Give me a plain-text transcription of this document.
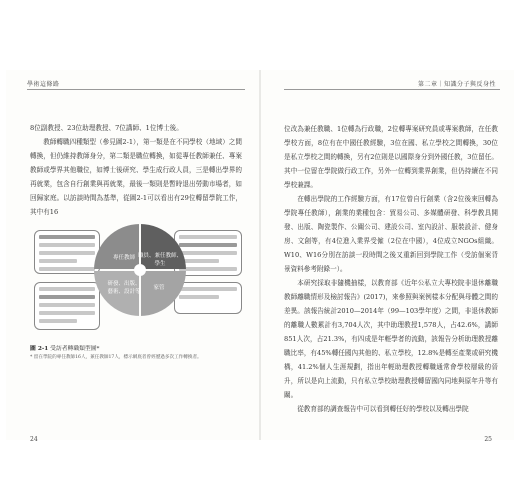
學術這條路	第二章｜知識分子與反身性

8位副教授、23位助理教授、7位講師、1位博士後。

教師轉職四種類型（參見圖2-1），第一類是在不同學校（地域）之間轉換，但仍維持教師身分，第二類是職位轉換，如從專任教師兼任、專案教師或學界其他職位，如博士後研究、學生成行政人員，三是轉出學界的再就業，包含自行創業與再就業，最後一類則是暫時退出勞動市場者，如回歸家庭。以訪談時間為基準，從圖2-1可以看出有29位轉留學院工作，其中有16

專任教師 職員、兼任教師、學生
研發、出版、藝術、設計等
家管
圖 2-1 受訪者轉職類型圖*
* 留在學院的專任教師16人，兼任教師17人，標示網底者曾經歷過多次工作轉換者。

位改為兼任教職、1位轉為行政職，2位轉專案研究員或專案教師，在任教學校方面，8位有在中國任教經驗，3位在國、私立學校之間轉換，30位是私立學校之間的轉換，另有2位則是以國際身分到外國任教，3位留任。其中一位留在學院做行政工作，另外一位轉到業界創業，但仍持續在不同學校兼課。

在轉出學院的工作經驗方面，有17位曾自行創業（含2位後來回轉為學院專任教師），創業的業種包含：貿易公司、多媒體研發、科學教具開發、出版、陶瓷製作、公關公司、建設公司、室內設計、服裝設計、健身房、文創等，有4位進入業界受僱（2位在中國），4位成立NGOs組織。W10、W16分別在訪談一段時間之後又重新回到學院工作（受訪個案背景資料參考附錄一）。

本研究採取非隨機抽樣，以教育部《近年公私立大專校院非退休離職教師離職情形及檢討報告》(2017)，來參照與案例樣本分配與母體之間的差異。該報告統計2010—2014年（99—103學年度）之間，非退休教師的離職人數累計有3,704人次，其中助理教授1,578人，占42.6%，講師851人次，占21.3%，有四成是年輕學者的流動，該報告分析助理教授離職比率，有45%轉任國內其他的、私立學校，12.8%是轉至產業或研究機構，41.2%個人生涯規劃，指出年輕助理教授轉職通常會學校層級的晉升，所以是向上流動，只有私立學校助理教授轉留國內同地與原年升等有關。

從教育部的調查報告中可以看到轉任好的學校以及轉出學院

24	25
